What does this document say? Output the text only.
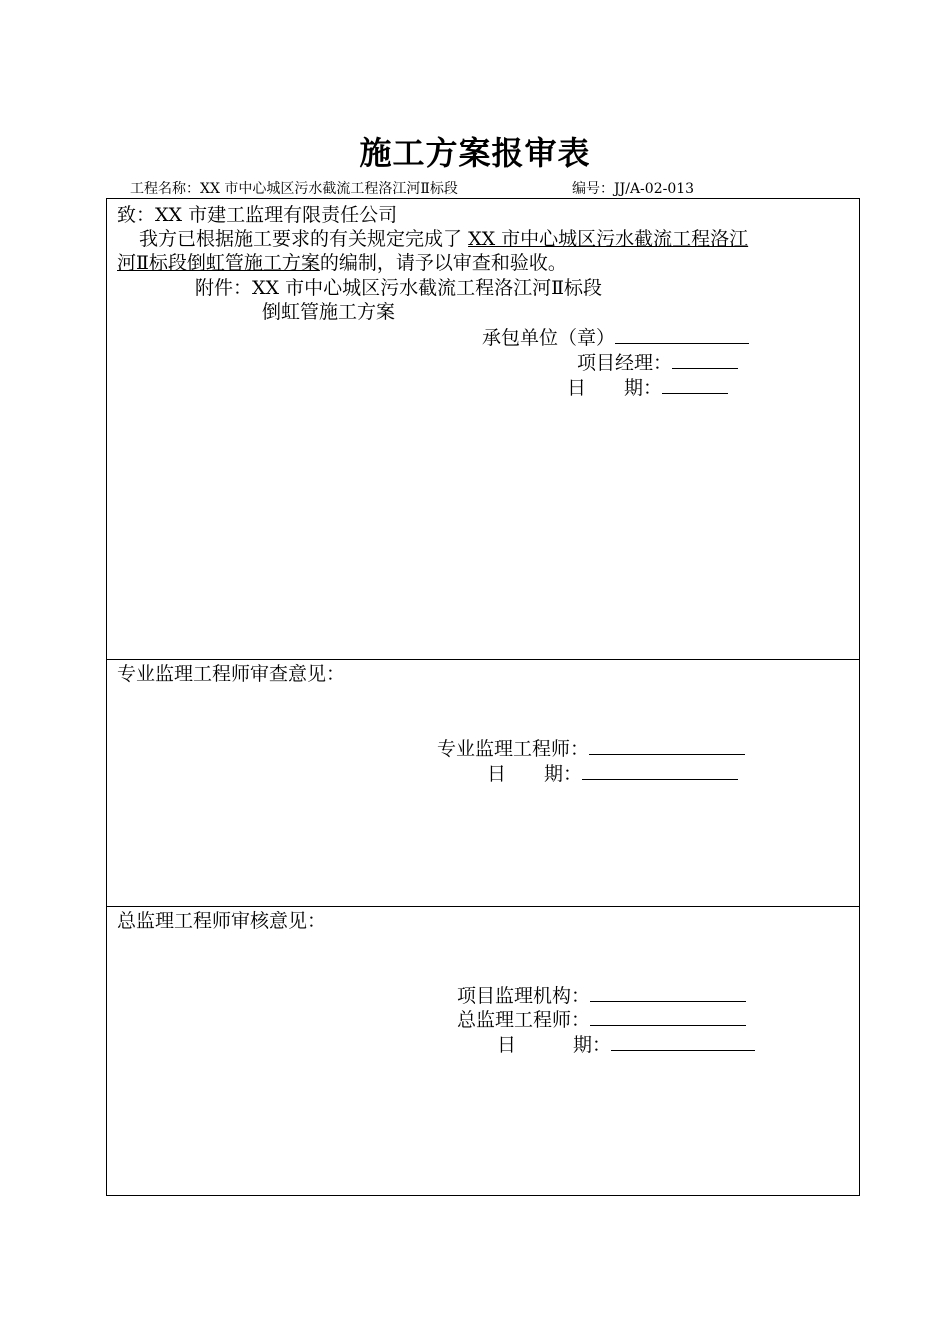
施工方案报审表
工程名称：XX 市中心城区污水截流工程洛江河Ⅱ标段	编号：JJ/A-02-013
致：XX 市建工监理有限责任公司
我方已根据施工要求的有关规定完成了 XX 市中心城区污水截流工程洛江
河Ⅱ标段倒虹管施工方案的编制，请予以审查和验收。
附件：XX 市中心城区污水截流工程洛江河Ⅱ标段
倒虹管施工方案
承包单位（章）
项目经理：
日　　期：
专业监理工程师审查意见：
专业监理工程师：
日　　期：
总监理工程师审核意见：
项目监理机构：
总监理工程师：
日　　　期：
